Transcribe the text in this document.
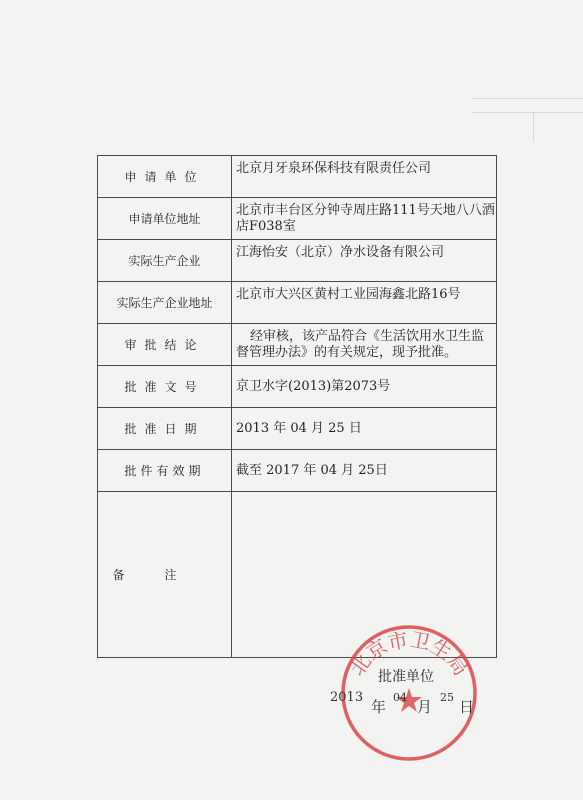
申请单位	北京月牙泉环保科技有限责任公司
申请单位地址	北京市丰台区分钟寺周庄路111号天地八八酒店F038室
实际生产企业	江海怡安（北京）净水设备有限公司
实际生产企业地址	北京市大兴区黄村工业园海鑫北路16号
审批结论	经审核，该产品符合《生活饮用水卫生监督管理办法》的有关规定，现予批准。
批准文号	京卫水字(2013)第2073号
批准日期	2013 年 04 月 25 日
批件有效期	截至 2017 年 04 月 25日
备注	
北京市卫生局
批准单位
2013
年
04
月
25
日
